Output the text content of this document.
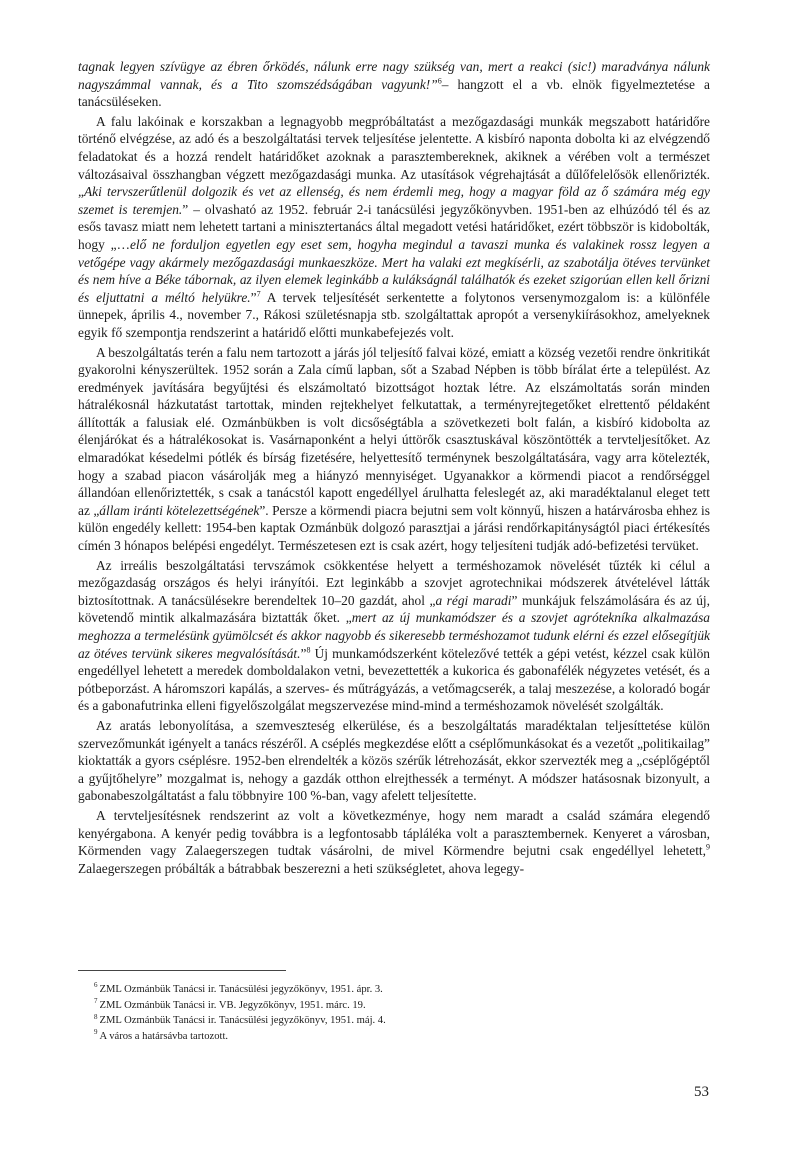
tagnak legyen szívügye az ébren őrködés, nálunk erre nagy szükség van, mert a reakci (sic!) maradványa nálunk nagyszámmal vannak, és a Tito szomszédságában vagyunk!”$^6$– hangzott el a vb. elnök figyelmeztetése a tanácsüléseken.

A falu lakóinak e korszakban a legnagyobb megpróbáltatást a mezőgazdasági munkák megszabott határidőre történő elvégzése, az adó és a beszolgáltatási tervek teljesítése jelentette. A kisbíró naponta dobolta ki az elvégzendő feladatokat és a hozzá rendelt határidőket azoknak a parasztembereknek, akiknek a vérében volt a természet változásaival összhangban végzett mezőgazdasági munka. Az utasítások végrehajtását a dűlőfelelősök ellenőrizték. „Aki tervszerűtlenül dolgozik és vet az ellenség, és nem érdemli meg, hogy a magyar föld az ő számára még egy szemet is teremjen.” – olvasható az 1952. február 2-i tanácsülési jegyzőkönyvben. 1951-ben az elhúzódó tél és az esős tavasz miatt nem lehetett tartani a minisztertanács által megadott vetési határidőket, ezért többször is kidobolták, hogy „…elő ne forduljon egyetlen egy eset sem, hogyha megindul a tavaszi munka és valakinek rossz legyen a vetőgépe vagy akármely mezőgazdasági munkaeszköze. Mert ha valaki ezt megkísérli, az szabotálja ötéves tervünket és nem híve a Béke tábornak, az ilyen elemek leginkább a kulákságnál találhatók és ezeket szigorúan ellen kell őrizni és eljuttatni a méltó helyükre.”$^7$ A tervek teljesítését serkentette a folytonos versenymozgalom is: a különféle ünnepek, április 4., november 7., Rákosi születésnapja stb. szolgáltattak apropót a versenykiírásokhoz, amelyeknek egyik fő szempontja rendszerint a határidő előtti munkabefejezés volt.

A beszolgáltatás terén a falu nem tartozott a járás jól teljesítő falvai közé, emiatt a község vezetői rendre önkritikát gyakorolni kényszerültek. 1952 során a Zala című lapban, sőt a Szabad Népben is több bírálat érte a települést. Az eredmények javítására begyűjtési és elszámoltató bizottságot hoztak létre. Az elszámoltatás során minden hátralékosnál házkutatást tartottak, minden rejtekhelyet felkutattak, a terményrejtegetőket elrettentő példaként állították a falusiak elé. Ozmánbükben is volt dicsőségtábla a szövetkezeti bolt falán, a kisbíró kidobolta az élenjárókat és a hátralékosokat is. Vasárnaponként a helyi úttörők csasztuskával köszöntötték a tervteljesítőket. Az elmaradókat késedelmi pótlék és bírság fizetésére, helyettesítő terménynek beszolgáltatására, vagy arra kötelezték, hogy a szabad piacon vásárolják meg a hiányzó mennyiséget. Ugyanakkor a körmendi piacot a rendőrséggel állandóan ellenőriztették, s csak a tanácstól kapott engedéllyel árulhatta feleslegét az, aki maradéktalanul eleget tett az „állam iránti kötelezettségének”. Persze a körmendi piacra bejutni sem volt könnyű, hiszen a határvárosba ehhez is külön engedély kellett: 1954-ben kaptak Ozmánbük dolgozó parasztjai a járási rendőrkapitányságtól piaci értékesítés címén 3 hónapos belépési engedélyt. Természetesen ezt is csak azért, hogy teljesíteni tudják adó-befizetési tervüket.

Az irreális beszolgáltatási tervszámok csökkentése helyett a terméshozamok növelését tűzték ki célul a mezőgazdaság országos és helyi irányítói. Ezt leginkább a szovjet agrotechnikai módszerek átvételével látták biztosítottnak. A tanácsülésekre berendeltek 10–20 gazdát, ahol „a régi maradi” munkájuk felszámolására és az új, követendő mintik alkalmazására biztatták őket. „mert az új munkamódszer és a szovjet agrótekníka alkalmazása meghozza a termelésünk gyümölcsét és akkor nagyobb és sikeresebb terméshozamot tudunk elérni és ezzel elősegítjük az ötéves tervünk sikeres megvalósítását.”$^8$ Új munkamódszerként kötelezővé tették a gépi vetést, kézzel csak külön engedéllyel lehetett a meredek domboldalakon vetni, bevezettették a kukorica és gabonafélék négyzetes vetését, és a pótbeporzást. A háromszori kapálás, a szerves- és műtrágyázás, a vetőmagcserék, a talaj meszezése, a koloradó bogár és a gabonafutrinka elleni figyelőszolgálat megszervezése mind-mind a terméshozamok növelését szolgálták.

Az aratás lebonyolítása, a szemveszteség elkerülése, és a beszolgáltatás maradéktalan teljesíttetése külön szervezőmunkát igényelt a tanács részéről. A cséplés megkezdése előtt a cséplőmunkásokat és a vezetőt „politikailag” kioktatták a gyors cséplésre. 1952-ben elrendelték a közös szérűk létrehozását, ekkor szervezték meg a „cséplőgéptől a gyűjtőhelyre” mozgalmat is, nehogy a gazdák otthon elrejthessék a terményt. A módszer hatásosnak bizonyult, a gabonabeszolgáltatást a falu többnyire 100 %-ban, vagy afelett teljesítette.

A tervteljesítésnek rendszerint az volt a következménye, hogy nem maradt a család számára elegendő kenyérgabona. A kenyér pedig továbbra is a legfontosabb tápláléka volt a parasztembernek. Kenyeret a városban, Körmenden vagy Zalaegerszegen tudtak vásárolni, de mivel Körmendre bejutni csak engedéllyel lehetett,$^9$ Zalaegerszegen próbálták a bátrabbak beszerezni a heti szükségletet, ahova legegy-

$^6$ ZML Ozmánbük Tanácsi ir. Tanácsülési jegyzőkönyv, 1951. ápr. 3.
$^7$ ZML Ozmánbük Tanácsi ir. VB. Jegyzőkönyv, 1951. márc. 19.
$^8$ ZML Ozmánbük Tanácsi ir. Tanácsülési jegyzőkönyv, 1951. máj. 4.
$^9$ A város a határsávba tartozott.
53
